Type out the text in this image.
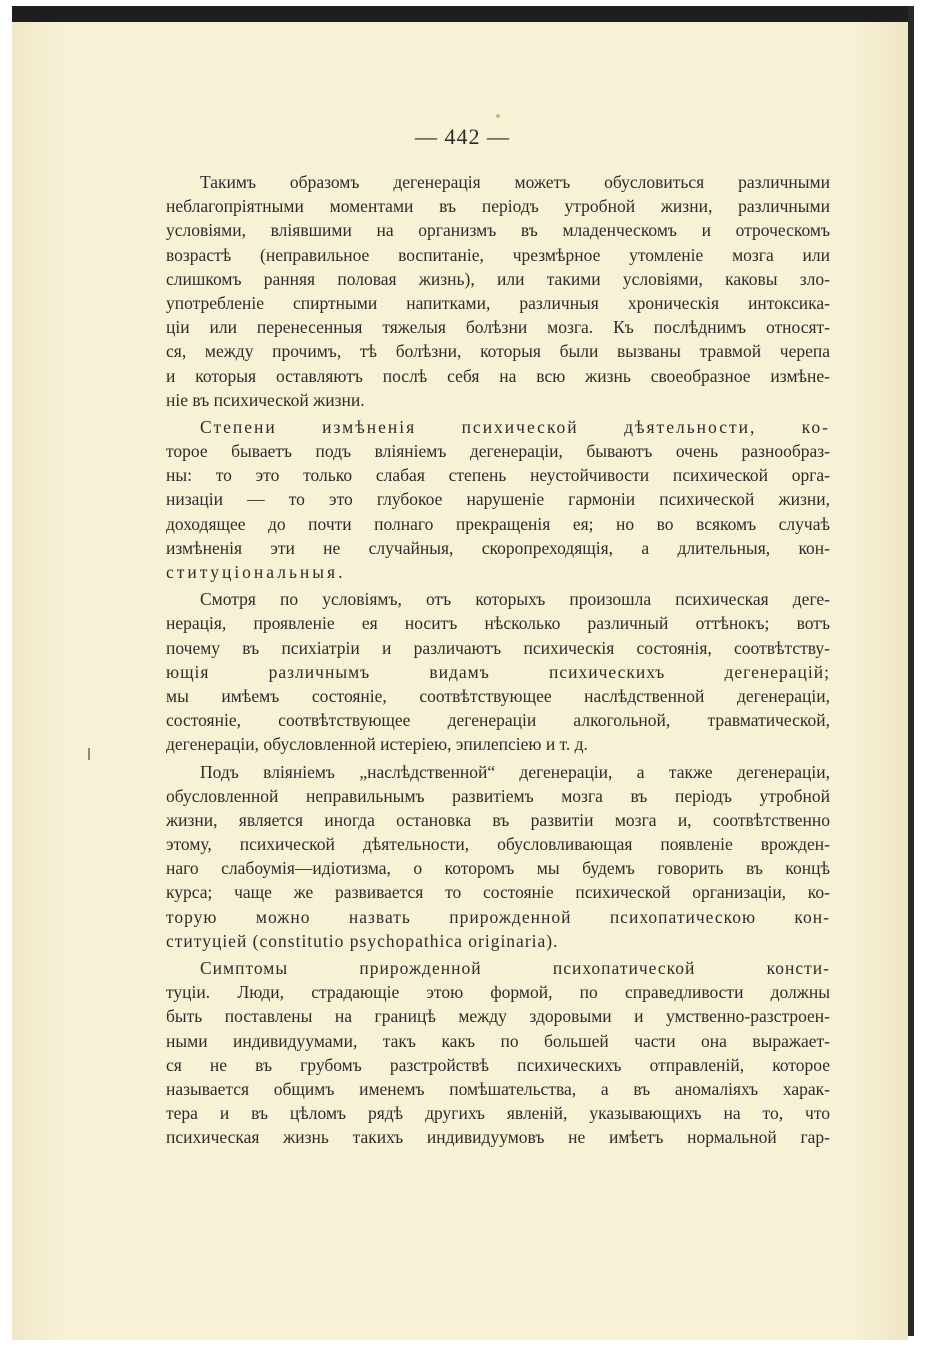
— 442 —
Такимъ образомъ дегенерація можетъ обусловиться различными
неблагопріятными моментами въ періодъ утробной жизни, различными
условіями, вліявшими на организмъ въ младенческомъ и отроческомъ
возрастѣ (неправильное воспитаніе, чрезмѣрное утомленіе мозга или
слишкомъ ранняя половая жизнь), или такими условіями, каковы зло-
употребленіе спиртными напитками, различныя хроническія интоксика-
ціи или перенесенныя тяжелыя болѣзни мозга. Къ послѣднимъ относят-
ся, между прочимъ, тѣ болѣзни, которыя были вызваны травмой черепа
и которыя оставляютъ послѣ себя на всю жизнь своеобразное измѣне-
ніе въ психической жизни.
Степени измѣненія психической дѣятельности, ко-
торое бываетъ подъ вліяніемъ дегенераціи, бываютъ очень разнообраз-
ны: то это только слабая степень неустойчивости психической орга-
низаціи — то это глубокое нарушеніе гармоніи психической жизни,
доходящее до почти полнаго прекращенія ея; но во всякомъ случаѣ
измѣненія эти не случайныя, скоропреходящія, а длительныя, кон-
ституціональныя.
Смотря по условіямъ, отъ которыхъ произошла психическая деге-
нерація, проявленіе ея носитъ нѣсколько различный оттѣнокъ; вотъ
почему въ психіатріи и различаютъ психическія состоянія, соотвѣтству-
ющія различнымъ видамъ психическихъ дегенерацій;
мы имѣемъ состояніе, соотвѣтствующее наслѣдственной дегенераціи,
состояніе, соотвѣтствующее дегенераціи алкогольной, травматической,
дегенераціи, обусловленной истеріею, эпилепсіею и т. д.
Подъ вліяніемъ „наслѣдственной“ дегенераціи, а также дегенераціи,
обусловленной неправильнымъ развитіемъ мозга въ періодъ утробной
жизни, является иногда остановка въ развитіи мозга и, соотвѣтственно
этому, психической дѣятельности, обусловливающая появленіе врожден-
наго слабоумія—идіотизма, о которомъ мы будемъ говорить въ концѣ
курса; чаще же развивается то состояніе психической организаціи, ко-
торую можно назвать прирожденной психопатическою кон-
ституціей (constitutio psychopathica originaria).
Симптомы прирожденной психопатической консти-
туціи. Люди, страдающіе этою формой, по справедливости должны
быть поставлены на границѣ между здоровыми и умственно-разстроен-
ными индивидуумами, такъ какъ по большей части она выражает-
ся не въ грубомъ разстройствѣ психическихъ отправленій, которое
называется общимъ именемъ помѣшательства, а въ аномаліяхъ харак-
тера и въ цѣломъ рядѣ другихъ явленій, указывающихъ на то, что
психическая жизнь такихъ индивидуумовъ не имѣетъ нормальной гар-
